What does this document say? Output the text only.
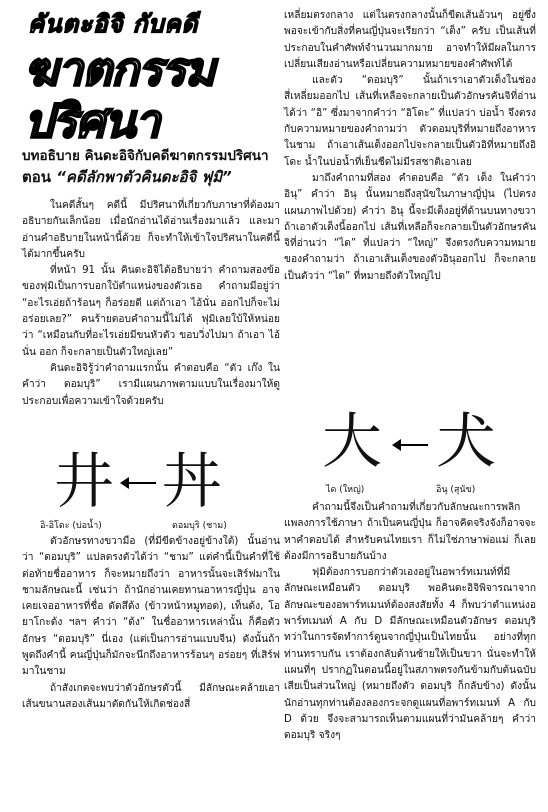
คันตะอิจิ กับคดี
ฆาตกรรมปริศนา
บทอธิบาย คินดะอิจิกับคดีฆาตกรรมปริศนา
ตอน “คดีลักพาตัวคินดะอิจิ ฟุมิ”

ในคดีสั้นๆ คดีนี้ มีปริศนาที่เกี่ยวกับภาษาที่ต้องมาอธิบายกันเล็กน้อย เมื่อนักอ่านได้อ่านเรื่องมาแล้ว และมาอ่านคำอธิบายในหน้านี้ด้วย ก็จะทำให้เข้าใจปริศนาในคดีนี้ได้มากขึ้นครับ

ที่หน้า 91 นั้น คินดะอิจิได้อธิบายว่า คำถามสองข้อของฟุมิเป็นการบอกใบ้ตำแหน่งของตัวเธอ คำถามมีอยู่ว่า “อะไรเอ่ยถ้าร้อนๆ ก็อร่อยดี แต่ถ้าเอา ไอ้นั่น ออกไปก็จะไม่อร่อยเลย?” คนร้ายตอบคำถามนี้ไม่ได้ ฟุมิเลยใบ้ให้หน่อยว่า “เหมือนกับที่อะไรเอ่ยมีขนหัวตัว ขอบวิ่งไปมา ถ้าเอา ไอ้นั่น ออก ก็จะกลายเป็นตัวใหญ่เลย”

คินดะอิจิรู้ว่าคำถามแรกนั้น คำตอบคือ “ตัว เก๊ง ในคำว่า ดอมบุริ” เรามีแผนภาพตามแบบในเรื่องมาให้ดูประกอบเพื่อความเข้าใจด้วยครับ

井 丼
อิ-อิโดะ (บ่อน้ำ)	ดอมบุริ (ชาม)

ตัวอักษรทางขวามือ (ที่มีขีดข้างอยู่ข้างใต้) นั้นอ่านว่า “ดอมบุริ” แปลตรงตัวได้ว่า “ชาม” แต่คำนี้เป็นคำที่ใช้ต่อท้ายชื่ออาหาร ก็จะหมายถึงว่า อาหารนั้นจะเสิร์ฟมาในชามลักษณะนี้ เช่นว่า ถ้านักอ่านเคยทานอาหารญี่ปุ่น อาจเคยเจออาหารที่ชื่อ ดัดสึด้ง (ข้าวหน้าหมูทอด), เท็นด้ง, โอยาโกะด้ง ฯลฯ คำว่า “ด้ง” ในชื่ออาหารเหล่านั้น ก็คือตัวอักษร “ดอมบุริ” นี่เอง (แต่เป็นการอ่านแบบจีน) ดังนั้นถ้าพูดถึงคำนี้ คนญี่ปุ่นก็มักจะนึกถึงอาหารร้อนๆ อร่อยๆ ที่เสิร์ฟมาในชาม

ถ้าสังเกตจะพบว่าตัวอักษรตัวนี้ มีลักษณะคล้ายเอาเส้นขนานสองเส้นมาตัดกันให้เกิดช่องสี่

เหลี่ยมตรงกลาง แต่ในตรงกลางนั้นก็ขีดเส้นอ้วนๆ อยู่ซึ่งพอจะเข้ากับสิ่งที่คนญี่ปุ่นจะเรียกว่า “เต็ง” ครับ เป็นเส้นที่ประกอบในคำศัพท์จำนวนมากมาย อาจทำให้มีผลในการเปลี่ยนเสียงอ่านหรือเปลี่ยนความหมายของคำศัพท์ได้

และตัว “ดอมบุริ” นั้นถ้าเราเอาตัวเต็งในช่องสี่เหลี่ยมออกไป เส้นที่เหลือจะกลายเป็นตัวอักษรคันจิที่อ่านได้ว่า “อิ” ซึ่งมาจากคำว่า “อิโดะ” ที่แปลว่า บ่อน้ำ จึงตรงกับความหมายของคำถามว่า ตัวดอมบุริที่หมายถึงอาหารในชาม ถ้าเอาเส้นเต็งออกไปจะกลายเป็นตัวอิที่หมายถึงอิโดะ น้ำในบ่อน้ำที่เย็นชืดไม่มีรสชาติเอาเลย

มาถึงคำถามที่สอง คำตอบคือ “ตัว เต็ง ในคำว่า อินุ” คำว่า อินุ นั้นหมายถึงสุนัขในภาษาญี่ปุ่น (ไปตรงแผนภาพไปด้วย) คำว่า อินุ นี้จะมีเต็งอยู่ที่ด้านบนทางขวา ถ้าเอาตัวเต็งนี้ออกไป เส้นที่เหลือก็จะกลายเป็นตัวอักษรคันจิที่อ่านว่า “ได” ที่แปลว่า “ใหญ่” จึงตรงกับความหมายของคำถามว่า ถ้าเอาเส้นเต็งของตัวอินุออกไป ก็จะกลายเป็นตัวว่า “ได” ที่หมายถึงตัวใหญ่ไป

大 犬
ได (ใหญ่)	อินุ (สุนัข)

คำถามนี้จึงเป็นคำถามที่เกี่ยวกับลักษณะการพลิกแพลงการใช้ภาษา ถ้าเป็นคนญี่ปุ่น ก็อาจคิดจริงจังก็อาจจะหาคำตอบได้ สำหรับคนไทยเรา ก็ไม่ใช่ภาษาพ่อแม่ ก็เลยต้องมีการอธิบายกันบ้าง

ฟุมิต้องการบอกว่าตัวเองอยู่ในอพาร์ทเมนท์ที่มีลักษณะเหมือนตัว ดอมบุริ พอคินดะอิจิพิจารณาจากลักษณะของอพาร์ทเมนท์ต้องสงสัยทั้ง 4 ก็พบว่าตำแหน่งอพาร์ทเมนท์ A กับ D มีลักษณะเหมือนตัวอักษร ดอมบุริ ทว่าในการจัดทำการ์ตูนจากญี่ปุ่นเป็นไทยนั้น อย่างที่ทุกท่านทราบกัน เราต้องกลับด้านซ้ายให้เป็นขวา นั่นจะทำให้แผนที่ๆ ปรากฏในตอนนี้อยู่ในสภาพตรงกันข้ามกับต้นฉบับเสียเป็นส่วนใหญ่ (หมายถึงตัว ดอมบุริ ก็กลับข้าง) ดังนั้นนักอ่านทุกท่านต้องลองกระจกดูแผนที่อพาร์ทเมนท์ A กับ D ด้วย จึงจะสามารถเห็นตามแผนที่ว่ามันคล้ายๆ คำว่า ดอมบุริ จริงๆ
